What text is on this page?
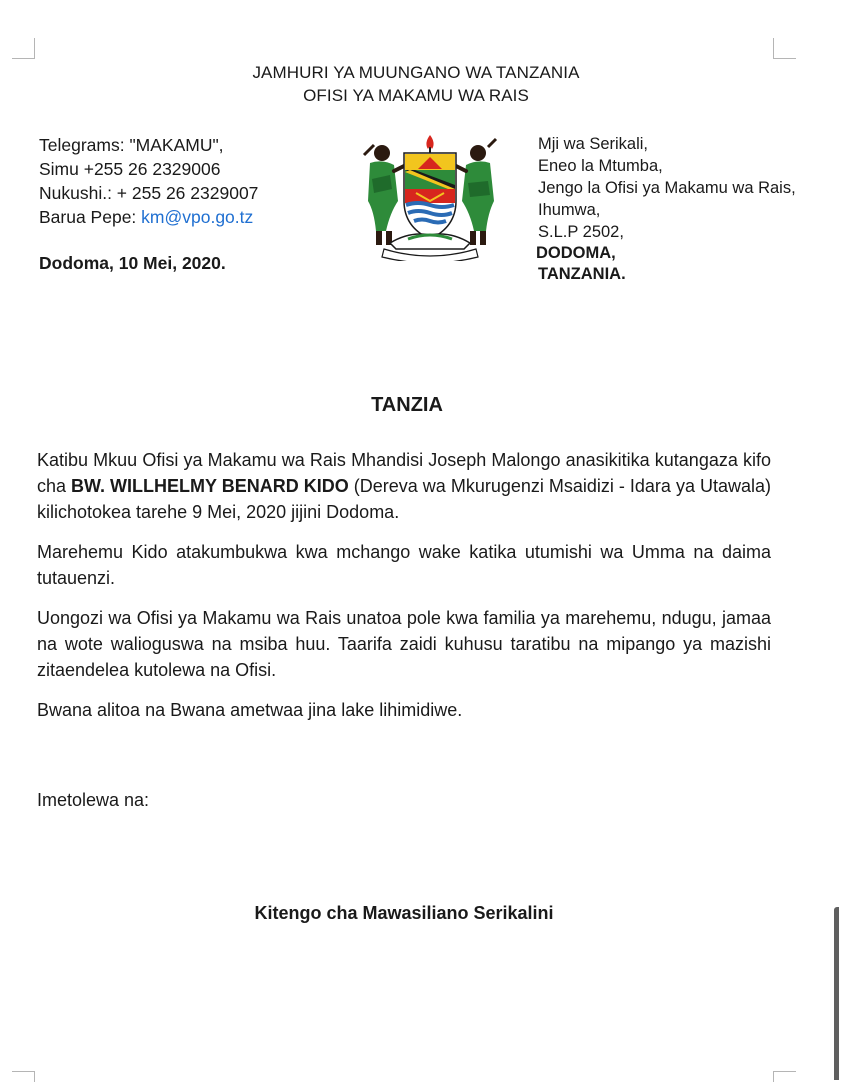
JAMHURI YA MUUNGANO WA TANZANIA
OFISI YA MAKAMU WA RAIS
Telegrams: "MAKAMU",
Simu +255 26 2329006
Nukushi.: + 255 26 2329007
Barua Pepe: km@vpo.go.tz
Dodoma, 10 Mei, 2020.
Mji wa Serikali,
Eneo la Mtumba,
Jengo la Ofisi ya Makamu wa Rais,
Ihumwa,
S.L.P 2502,
DODOMA,
TANZANIA.
TANZIA

Katibu Mkuu Ofisi ya Makamu wa Rais Mhandisi Joseph Malongo anasikitika kutangaza kifo cha BW. WILLHELMY BENARD KIDO (Dereva wa Mkurugenzi Msaidizi - Idara ya Utawala) kilichotokea tarehe 9 Mei, 2020 jijini Dodoma.

Marehemu Kido atakumbukwa kwa mchango wake katika utumishi wa Umma na daima tutauenzi.

Uongozi wa Ofisi ya Makamu wa Rais unatoa pole kwa familia ya marehemu, ndugu, jamaa na wote walioguswa na msiba huu. Taarifa zaidi kuhusu taratibu na mipango ya mazishi zitaendelea kutolewa na Ofisi.

Bwana alitoa na Bwana ametwaa jina lake lihimidiwe.

Imetolewa na:
Kitengo cha Mawasiliano Serikalini
